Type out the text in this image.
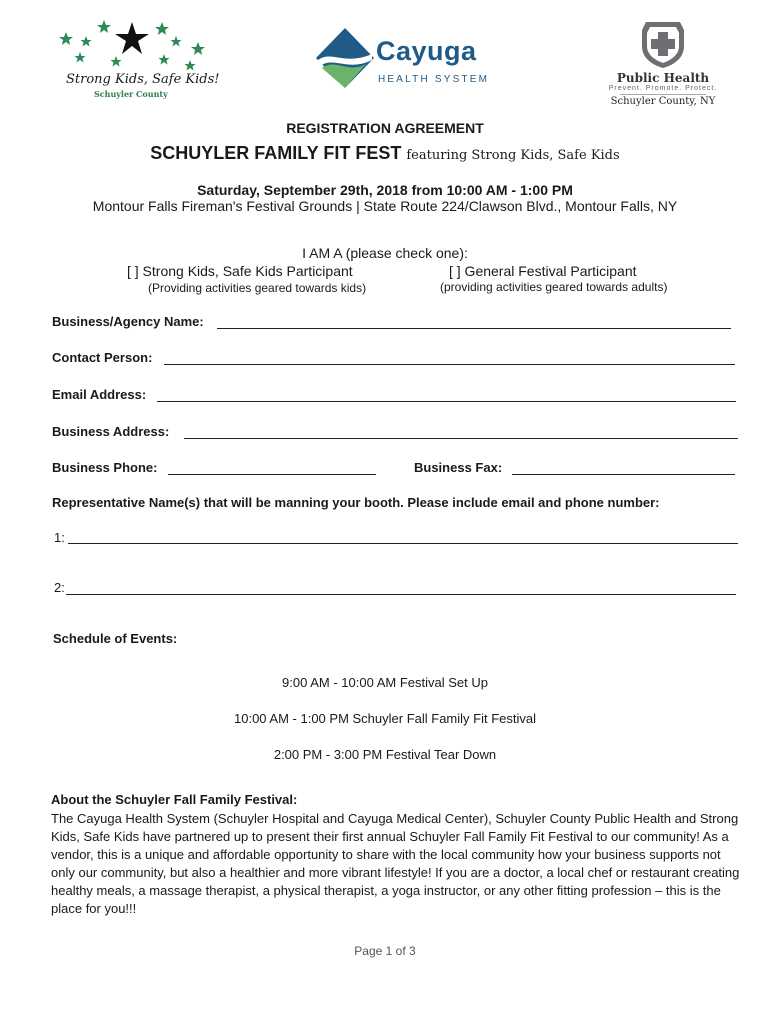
Strong Kids, Safe Kids!
Schuyler County
Cayuga
HEALTH SYSTEM	Public Health
Prevent. Promote. Protect.
Schuyler County, NY
REGISTRATION AGREEMENT
SCHUYLER FAMILY FIT FEST featuring Strong Kids, Safe Kids
Saturday, September 29th, 2018 from 10:00 AM - 1:00 PM
Montour Falls Fireman's Festival Grounds | State Route 224/Clawson Blvd., Montour Falls, NY
I AM A (please check one):
[ ] Strong Kids, Safe Kids Participant
(Providing activities geared towards kids)
[ ] General Festival Participant
(providing activities geared towards adults)
Business/Agency Name:
Contact Person:
Email Address:
Business Address:
Business Phone:	Business Fax:
Representative Name(s) that will be manning your booth. Please include email and phone number:
1:
2:
Schedule of Events:
9:00 AM - 10:00 AM Festival Set Up
10:00 AM - 1:00 PM Schuyler Fall Family Fit Festival
2:00 PM - 3:00 PM Festival Tear Down
About the Schuyler Fall Family Festival:
The Cayuga Health System (Schuyler Hospital and Cayuga Medical Center), Schuyler County Public Health and Strong Kids, Safe Kids have partnered up to present their first annual Schuyler Fall Family Fit Festival to our community! As a vendor, this is a unique and affordable opportunity to share with the local community how your business supports not only our community, but also a healthier and more vibrant lifestyle! If you are a doctor, a local chef or restaurant creating healthy meals, a massage therapist, a physical therapist, a yoga instructor, or any other fitting profession – this is the place for you!!!
Page 1 of 3
